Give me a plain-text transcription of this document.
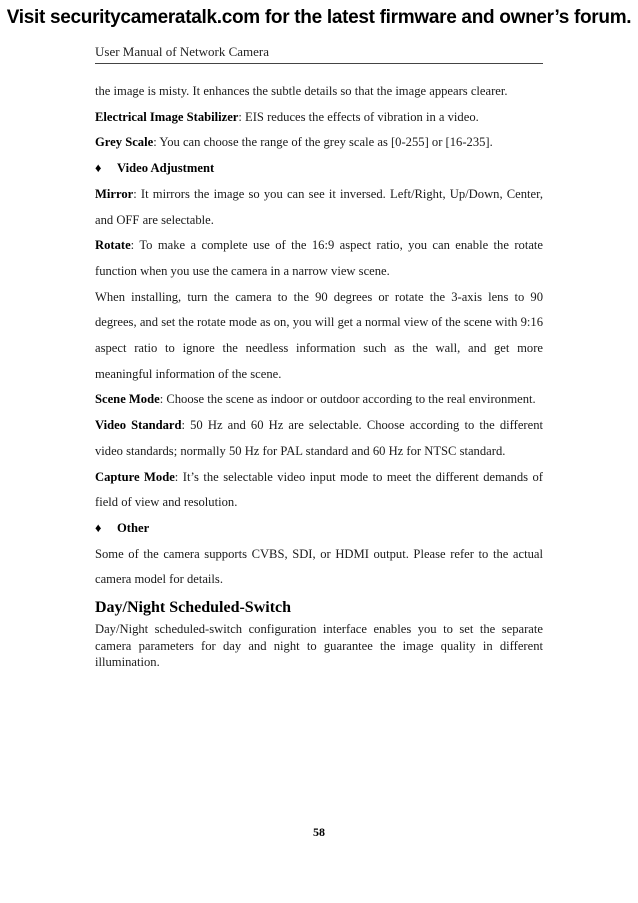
Visit securitycameratalk.com for the latest firmware and owner’s forum.
User Manual of Network Camera

the image is misty. It enhances the subtle details so that the image appears clearer.

Electrical Image Stabilizer: EIS reduces the effects of vibration in a video.

Grey Scale: You can choose the range of the grey scale as [0-255] or [16-235].

♦ Video Adjustment

Mirror: It mirrors the image so you can see it inversed. Left/Right, Up/Down, Center, and OFF are selectable.

Rotate: To make a complete use of the 16:9 aspect ratio, you can enable the rotate function when you use the camera in a narrow view scene.

When installing, turn the camera to the 90 degrees or rotate the 3-axis lens to 90 degrees, and set the rotate mode as on, you will get a normal view of the scene with 9:16 aspect ratio to ignore the needless information such as the wall, and get more meaningful information of the scene.

Scene Mode: Choose the scene as indoor or outdoor according to the real environment.

Video Standard: 50 Hz and 60 Hz are selectable. Choose according to the different video standards; normally 50 Hz for PAL standard and 60 Hz for NTSC standard.

Capture Mode: It’s the selectable video input mode to meet the different demands of field of view and resolution.

♦ Other

Some of the camera supports CVBS, SDI, or HDMI output. Please refer to the actual camera model for details.

Day/Night Scheduled-Switch

Day/Night scheduled-switch configuration interface enables you to set the separate camera parameters for day and night to guarantee the image quality in different illumination.

58
